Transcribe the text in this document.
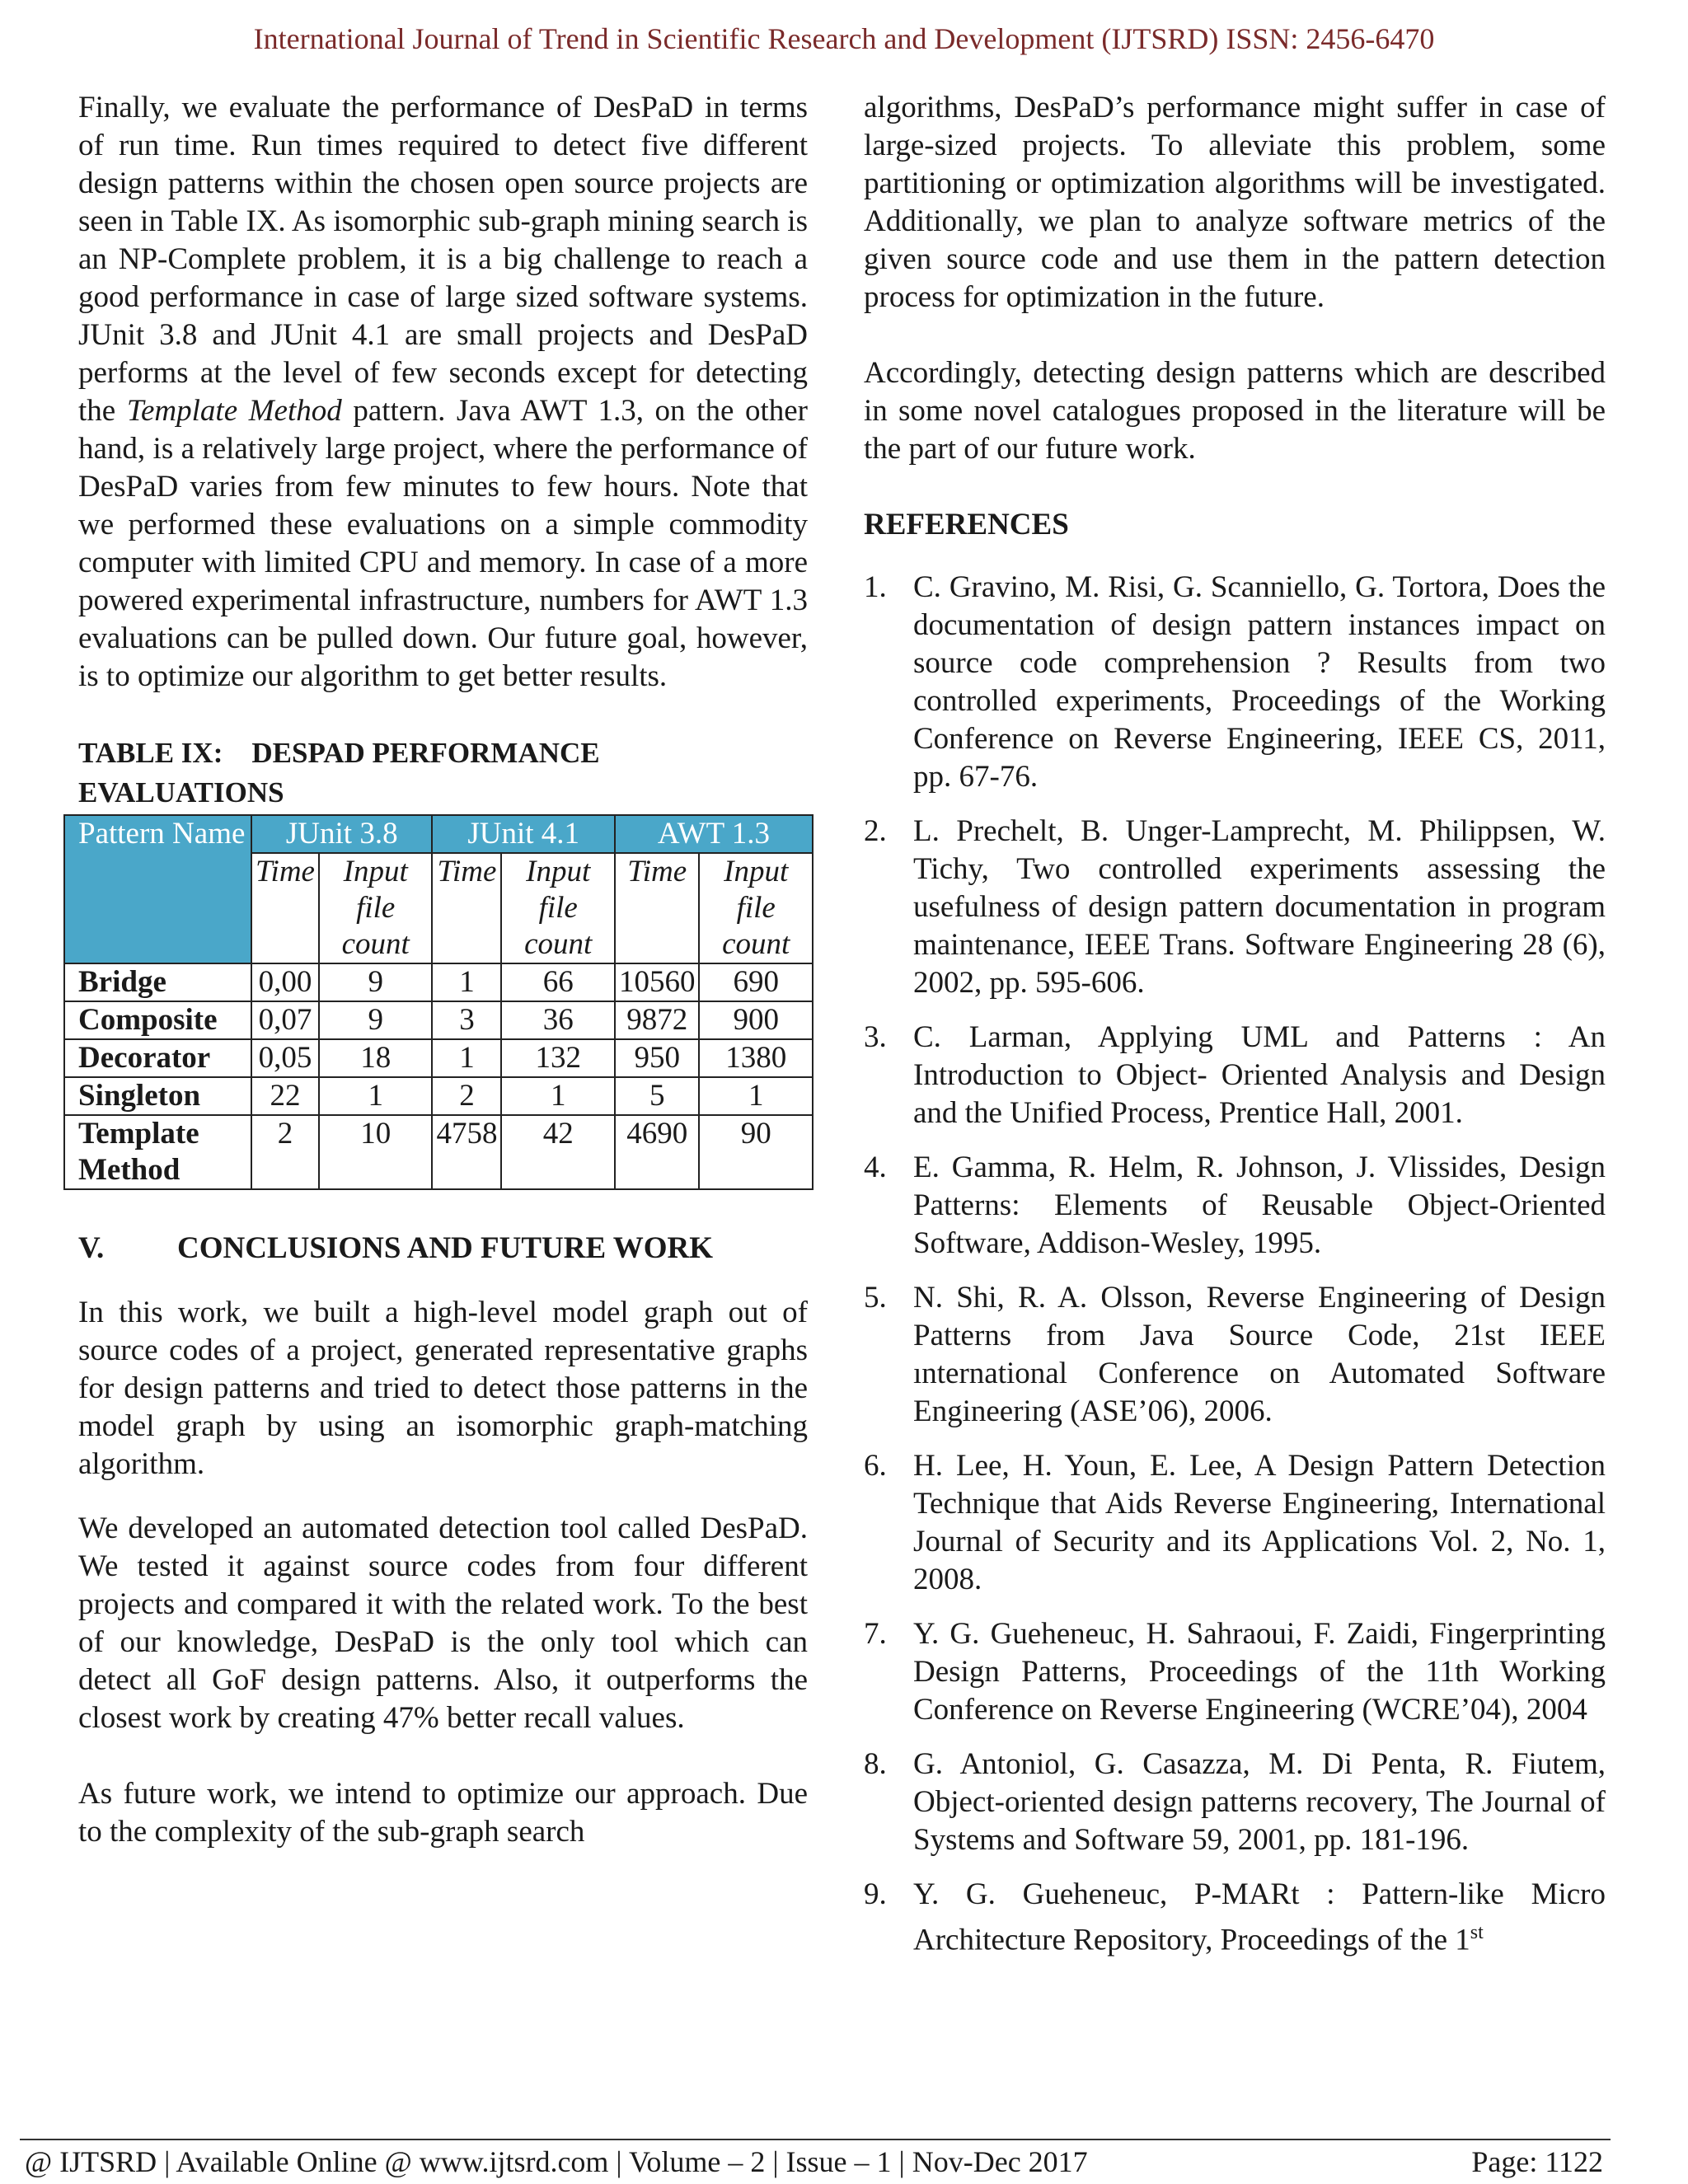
International Journal of Trend in Scientific Research and Development (IJTSRD) ISSN: 2456-6470

Finally, we evaluate the performance of DesPaD in terms of run time. Run times required to detect five different design patterns within the chosen open source projects are seen in Table IX. As isomorphic sub-graph mining search is an NP-Complete problem, it is a big challenge to reach a good performance in case of large sized software systems. JUnit 3.8 and JUnit 4.1 are small projects and DesPaD performs at the level of few seconds except for detecting the Template Method pattern. Java AWT 1.3, on the other hand, is a relatively large project, where the performance of DesPaD varies from few minutes to few hours. Note that we performed these evaluations on a simple commodity computer with limited CPU and memory. In case of a more powered experimental infrastructure, numbers for AWT 1.3 evaluations can be pulled down. Our future goal, however, is to optimize our algorithm to get better results.

TABLE IX: DESPAD PERFORMANCE EVALUATIONS
Pattern Name	JUnit 3.8		JUnit 4.1		AWT 1.3	
	Time	Input file count	Time	Input file count	Time	Input file count
Bridge	0,00	9	1	66	10560	690
Composite	0,07	9	3	36	9872	900
Decorator	0,05	18	1	132	950	1380
Singleton	22	1	2	1	5	1
Template Method	2	10	4758	42	4690	90
V. CONCLUSIONS AND FUTURE WORK

In this work, we built a high-level model graph out of source codes of a project, generated representative graphs for design patterns and tried to detect those patterns in the model graph by using an isomorphic graph-matching algorithm.

We developed an automated detection tool called DesPaD. We tested it against source codes from four different projects and compared it with the related work. To the best of our knowledge, DesPaD is the only tool which can detect all GoF design patterns. Also, it outperforms the closest work by creating 47% better recall values.

As future work, we intend to optimize our approach. Due to the complexity of the sub-graph search

algorithms, DesPaD’s performance might suffer in case of large-sized projects. To alleviate this problem, some partitioning or optimization algorithms will be investigated. Additionally, we plan to analyze software metrics of the given source code and use them in the pattern detection process for optimization in the future.

Accordingly, detecting design patterns which are described in some novel catalogues proposed in the literature will be the part of our future work.

REFERENCES
1. C. Gravino, M. Risi, G. Scanniello, G. Tortora, Does the documentation of design pattern instances impact on source code comprehension ? Results from two controlled experiments, Proceedings of the Working Conference on Reverse Engineering, IEEE CS, 2011, pp. 67-76.
2. L. Prechelt, B. Unger-Lamprecht, M. Philippsen, W. Tichy, Two controlled experiments assessing the usefulness of design pattern documentation in program maintenance, IEEE Trans. Software Engineering 28 (6), 2002, pp. 595-606.
3. C. Larman, Applying UML and Patterns : An Introduction to Object- Oriented Analysis and Design and the Unified Process, Prentice Hall, 2001.
4. E. Gamma, R. Helm, R. Johnson, J. Vlissides, Design Patterns: Elements of Reusable Object-Oriented Software, Addison-Wesley, 1995.
5. N. Shi, R. A. Olsson, Reverse Engineering of Design Patterns from Java Source Code, 21st IEEE ınternational Conference on Automated Software Engineering (ASE’06), 2006.
6. H. Lee, H. Youn, E. Lee, A Design Pattern Detection Technique that Aids Reverse Engineering, International Journal of Security and its Applications Vol. 2, No. 1, 2008.
7. Y. G. Gueheneuc, H. Sahraoui, F. Zaidi, Fingerprinting Design Patterns, Proceedings of the 11th Working Conference on Reverse Engineering (WCRE’04), 2004
8. G. Antoniol, G. Casazza, M. Di Penta, R. Fiutem, Object-oriented design patterns recovery, The Journal of Systems and Software 59, 2001, pp. 181-196.
9. Y. G. Gueheneuc, P-MARt : Pattern-like Micro Architecture Repository, Proceedings of the 1st
@ IJTSRD | Available Online @ www.ijtsrd.com | Volume – 2 | Issue – 1 | Nov-Dec 2017	Page: 1122
